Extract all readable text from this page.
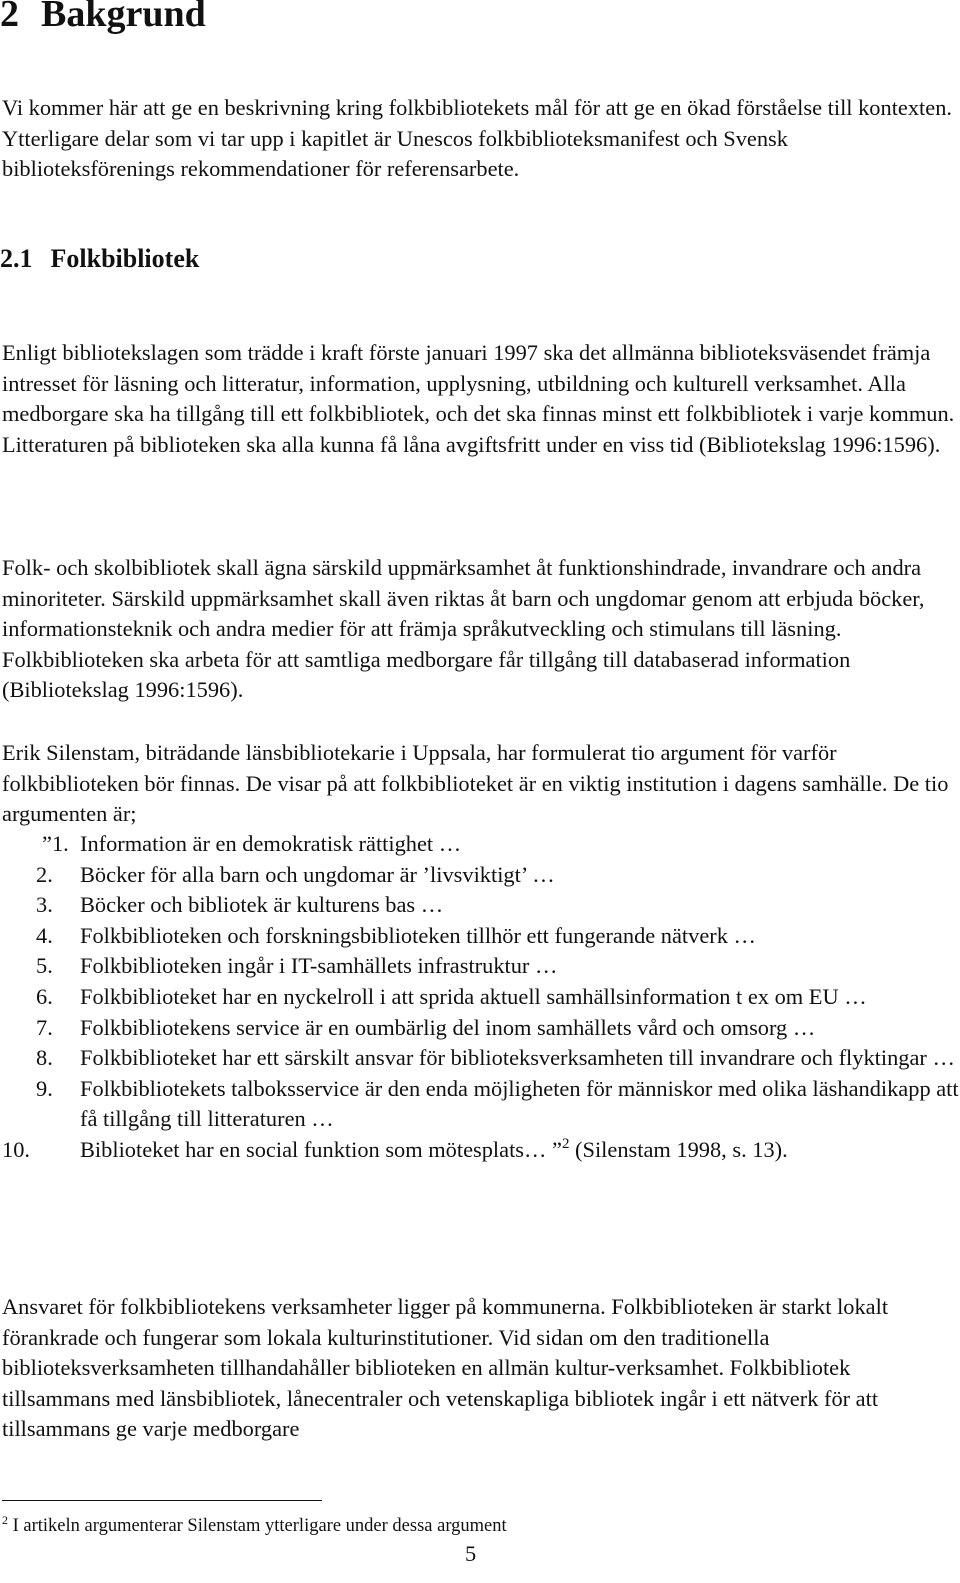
2 Bakgrund

Vi kommer här att ge en beskrivning kring folkbibliotekets mål för att ge en ökad förståelse till kontexten. Ytterligare delar som vi tar upp i kapitlet är Unescos folkbiblioteksmanifest och Svensk biblioteksförenings rekommendationer för referensarbete.

2.1 Folkbibliotek

Enligt bibliotekslagen som trädde i kraft förste januari 1997 ska det allmänna biblioteksväsendet främja intresset för läsning och litteratur, information, upplysning, utbildning och kulturell verksamhet. Alla medborgare ska ha tillgång till ett folkbibliotek, och det ska finnas minst ett folkbibliotek i varje kommun. Litteraturen på biblioteken ska alla kunna få låna avgiftsfritt under en viss tid (Bibliotekslag 1996:1596).

Folk- och skolbibliotek skall ägna särskild uppmärksamhet åt funktionshindrade, invandrare och andra minoriteter. Särskild uppmärksamhet skall även riktas åt barn och ungdomar genom att erbjuda böcker, informationsteknik och andra medier för att främja språkutveckling och stimulans till läsning. Folkbiblioteken ska arbeta för att samtliga medborgare får tillgång till databaserad information (Bibliotekslag 1996:1596).

Erik Silenstam, biträdande länsbibliotekarie i Uppsala, har formulerat tio argument för varför folkbiblioteken bör finnas. De visar på att folkbiblioteket är en viktig institution i dagens samhälle. De tio argumenten är;

”1. Information är en demokratisk rättighet …
2.	Böcker för alla barn och ungdomar är ’livsviktigt’ …
3.	Böcker och bibliotek är kulturens bas …
4.	Folkbiblioteken och forskningsbiblioteken tillhör ett fungerande nätverk …
5.	Folkbiblioteken ingår i IT-samhällets infrastruktur …
6.	Folkbiblioteket har en nyckelroll i att sprida aktuell samhällsinformation t ex om EU …
7.	Folkbibliotekens service är en oumbärlig del inom samhällets vård och omsorg …
8.	Folkbiblioteket har ett särskilt ansvar för biblioteksverksamheten till invandrare och flyktingar …
9.	Folkbibliotekets talboksservice är den enda möjligheten för människor med olika läshandikapp att få tillgång till litteraturen …
10. Biblioteket har en social funktion som mötesplats… ”$^2$ (Silenstam 1998, s. 13).

Ansvaret för folkbibliotekens verksamheter ligger på kommunerna. Folkbiblioteken är starkt lokalt förankrade och fungerar som lokala kulturinstitutioner. Vid sidan om den traditionella biblioteksverksamheten tillhandahåller biblioteken en allmän kultur-verksamhet. Folkbibliotek tillsammans med länsbibliotek, lånecentraler och vetenskapliga bibliotek ingår i ett nätverk för att tillsammans ge varje medborgare

$^2$ I artikeln argumenterar Silenstam ytterligare under dessa argument
5
